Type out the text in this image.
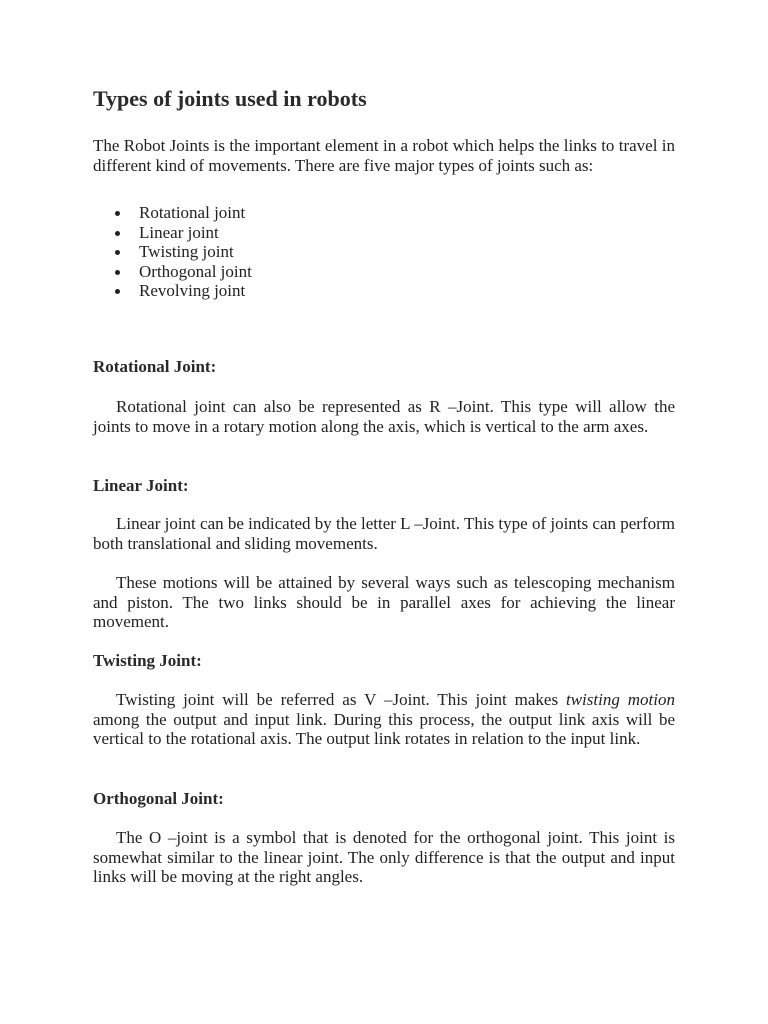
Types of joints used in robots

The Robot Joints is the important element in a robot which helps the links to travel in different kind of movements. There are five major types of joints such as:

Rotational joint
Linear joint
Twisting joint
Orthogonal joint
Revolving joint
Rotational Joint:

Rotational joint can also be represented as R –Joint. This type will allow the joints to move in a rotary motion along the axis, which is vertical to the arm axes.

Linear Joint:

Linear joint can be indicated by the letter L –Joint. This type of joints can perform both translational and sliding movements.

These motions will be attained by several ways such as telescoping mechanism and piston. The two links should be in parallel axes for achieving the linear movement.

Twisting Joint:

Twisting joint will be referred as V –Joint. This joint makes twisting motion among the output and input link. During this process, the output link axis will be vertical to the rotational axis. The output link rotates in relation to the input link.

Orthogonal Joint:

The O –joint is a symbol that is denoted for the orthogonal joint. This joint is somewhat similar to the linear joint. The only difference is that the output and input links will be moving at the right angles.
